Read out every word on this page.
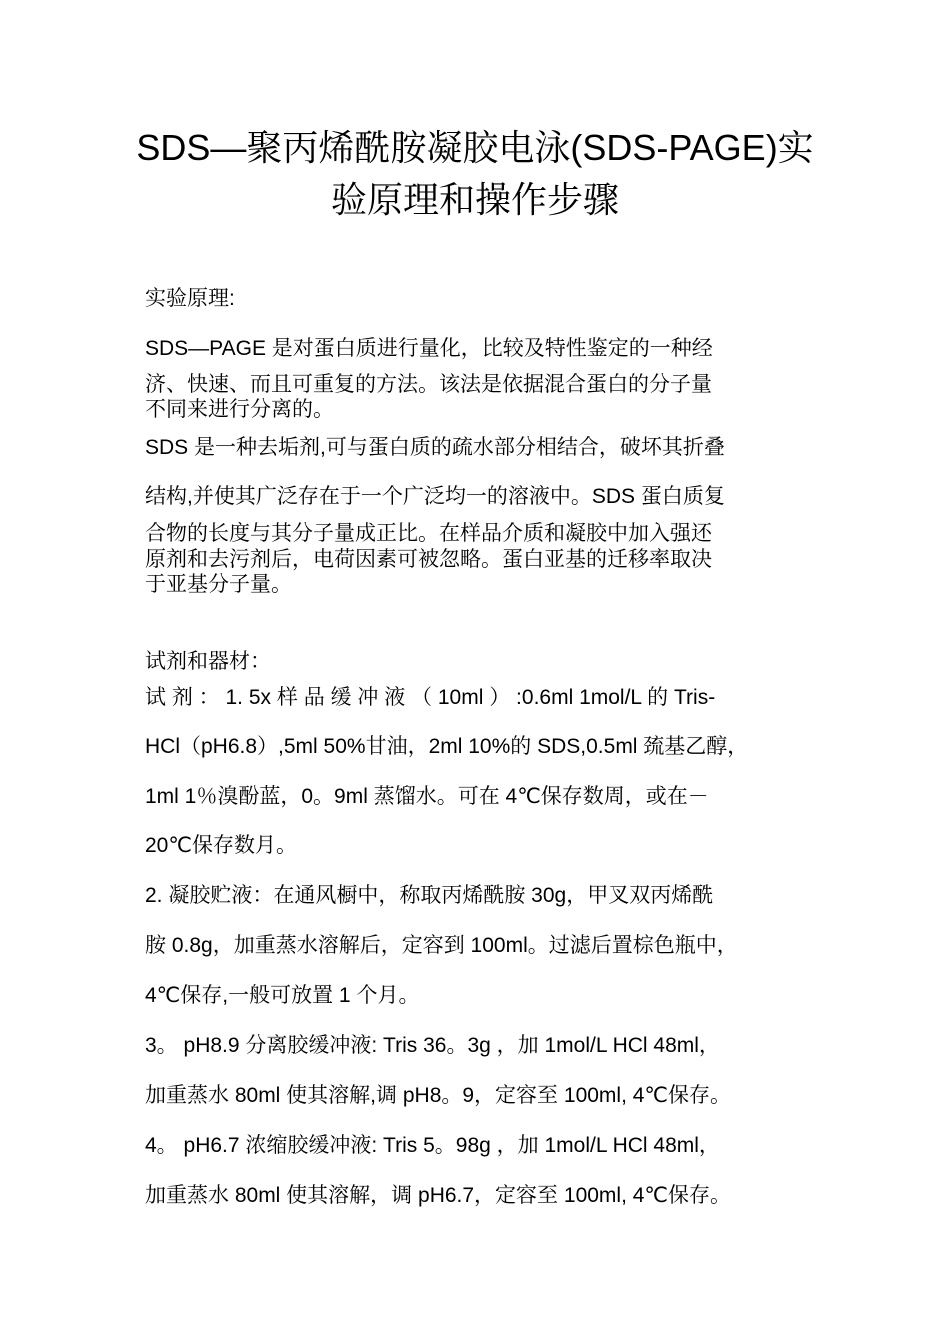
SDS—聚丙烯酰胺凝胶电泳(SDS-PAGE)实验原理和操作步骤

实验原理:

SDS—PAGE 是对蛋白质进行量化，比较及特性鉴定的一种经

济、快速、而且可重复的方法。该法是依据混合蛋白的分子量

不同来进行分离的。

SDS 是一种去垢剂,可与蛋白质的疏水部分相结合，破坏其折叠

结构,并使其广泛存在于一个广泛均一的溶液中。SDS 蛋白质复

合物的长度与其分子量成正比。在样品介质和凝胶中加入强还

原剂和去污剂后，电荷因素可被忽略。蛋白亚基的迁移率取决

于亚基分子量。

试剂和器材：

试 剂 ： 1. 5x 样 品 缓 冲 液 （ 10ml ） :0.6ml 1mol/L 的 Tris-

HCl（pH6.8）,5ml 50%甘油，2ml 10%的 SDS,0.5ml 巯基乙醇，

1ml 1％溴酚蓝，0。9ml 蒸馏水。可在 4℃保存数周，或在－

20℃保存数月。

2. 凝胶贮液：在通风橱中，称取丙烯酰胺 30g，甲叉双丙烯酰

胺 0.8g，加重蒸水溶解后，定容到 100ml。过滤后置棕色瓶中，

4℃保存,一般可放置 1 个月。

3。 pH8.9 分离胶缓冲液: Tris 36。3g ，加 1mol/L HCl 48ml，

加重蒸水 80ml 使其溶解,调 pH8。9，定容至 100ml, 4℃保存。

4。 pH6.7 浓缩胶缓冲液: Tris 5。98g ，加 1mol/L HCl 48ml，

加重蒸水 80ml 使其溶解，调 pH6.7，定容至 100ml, 4℃保存。
